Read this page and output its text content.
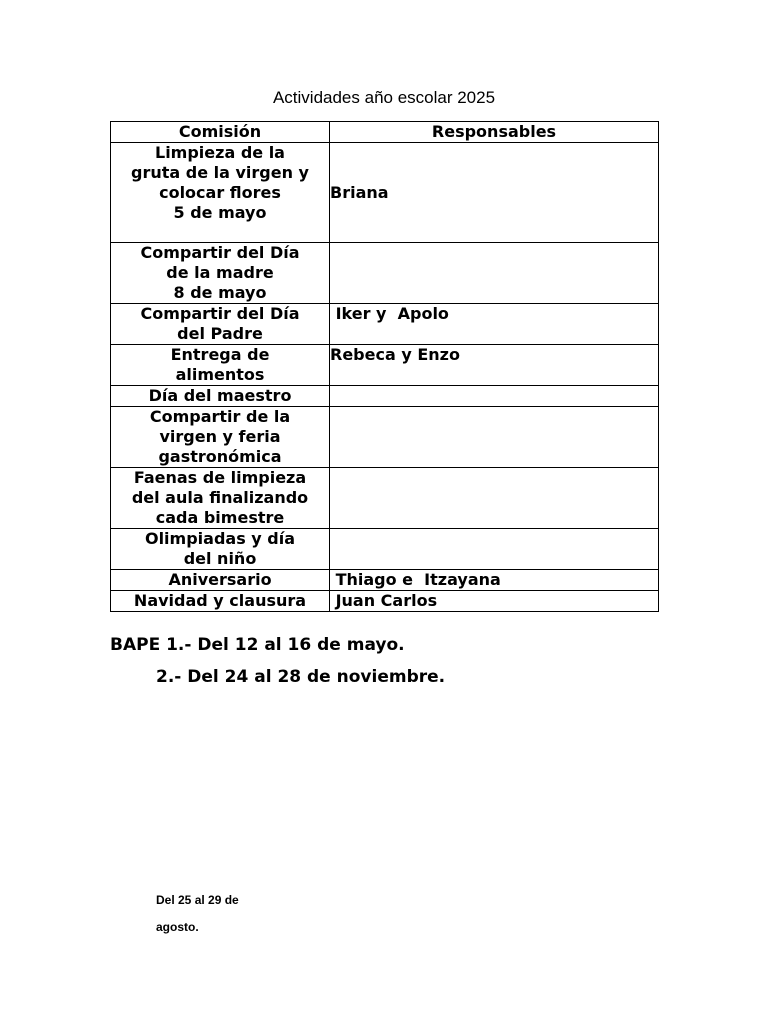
Actividades año escolar 2025
Comisión	Responsables

Limpieza de la
gruta de la virgen y
colocar flores
5 de mayo	Briana

Compartir del Día
de la madre
8 de mayo	

Compartir del Día
del Padre	Iker y  Apolo

Entrega de
alimentos	Rebeca y Enzo

Día del maestro	

Compartir de la
virgen y feria
gastronómica	

Faenas de limpieza
del aula finalizando
cada bimestre	

Olimpiadas y día
del niño	

Aniversario	Thiago e  Itzayana

Navidad y clausura	Juan Carlos
BAPE 1.- Del 12 al 16 de mayo.
2.- Del 24 al 28 de noviembre.
Del 25 al 29 de
agosto.
